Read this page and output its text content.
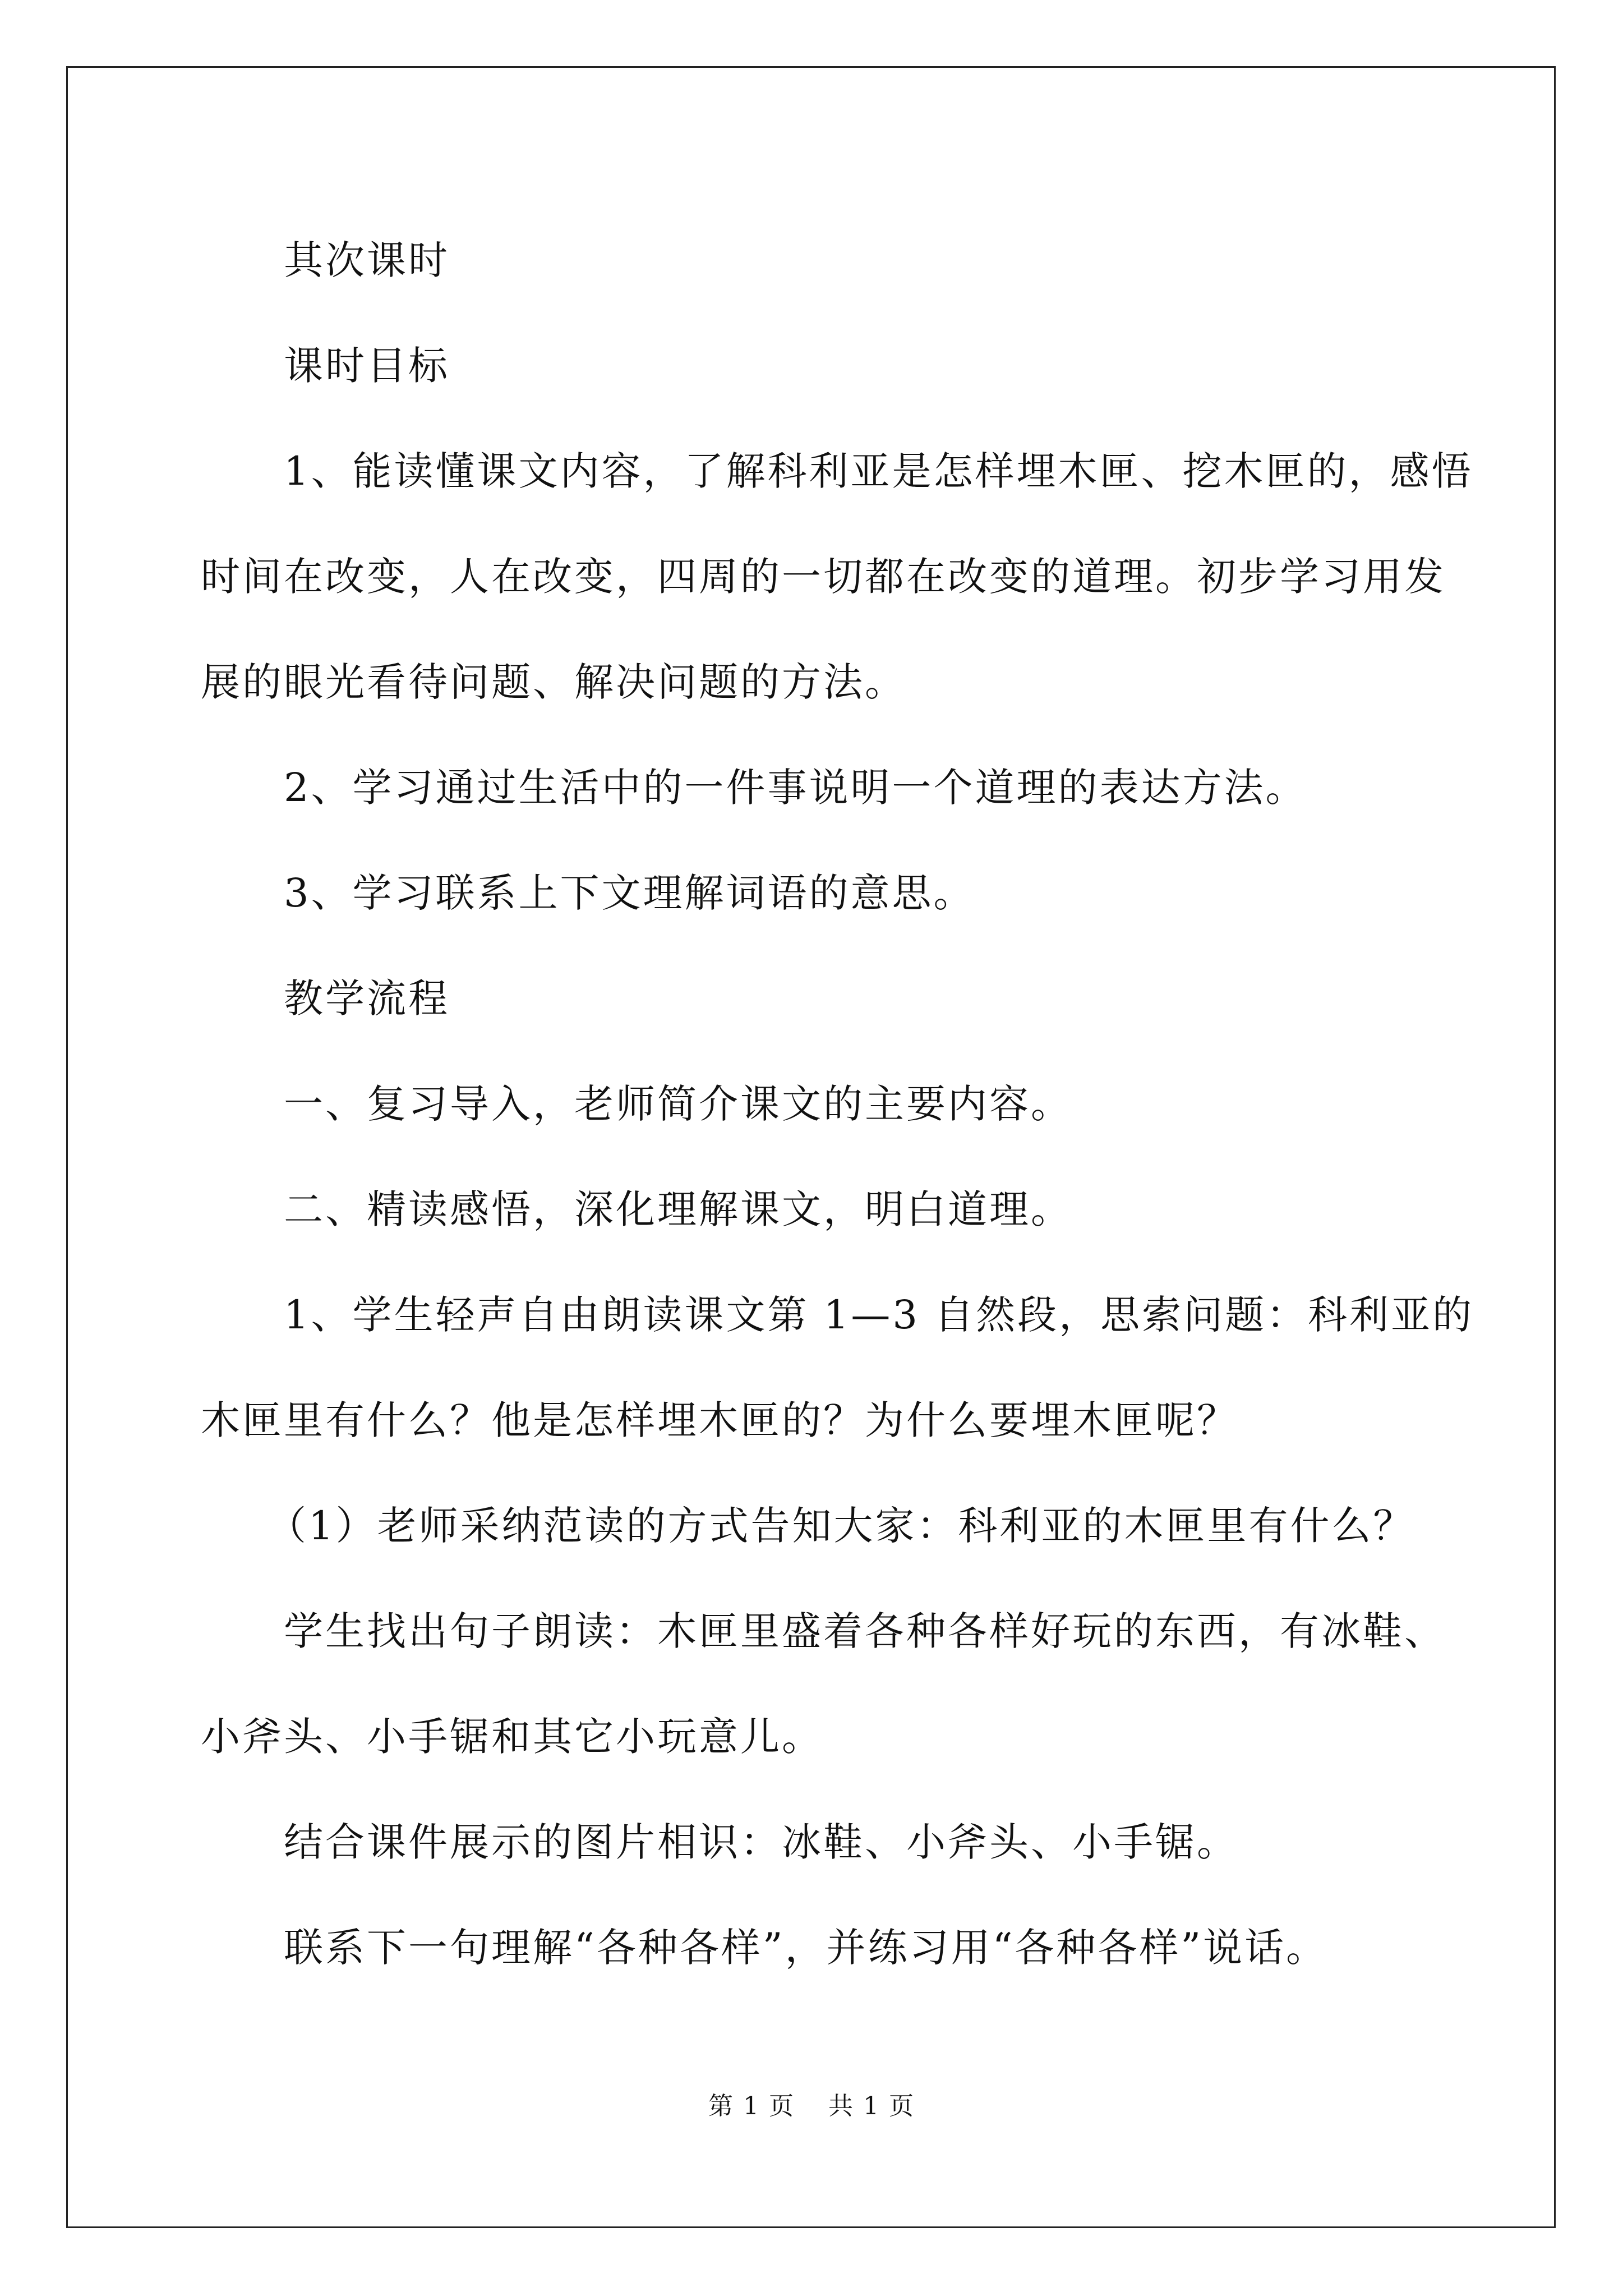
其次课时

课时目标

1、能读懂课文内容，了解科利亚是怎样埋木匣、挖木匣的，感悟

时间在改变，人在改变，四周的一切都在改变的道理。初步学习用发

展的眼光看待问题、解决问题的方法。

2、学习通过生活中的一件事说明一个道理的表达方法。

3、学习联系上下文理解词语的意思。

教学流程

一、复习导入，老师简介课文的主要内容。

二、精读感悟，深化理解课文，明白道理。

1、学生轻声自由朗读课文第 1—3 自然段，思索问题：科利亚的

木匣里有什么？他是怎样埋木匣的？为什么要埋木匣呢？

（1）老师采纳范读的方式告知大家：科利亚的木匣里有什么？

学生找出句子朗读：木匣里盛着各种各样好玩的东西，有冰鞋、

小斧头、小手锯和其它小玩意儿。

结合课件展示的图片相识：冰鞋、小斧头、小手锯。

联系下一句理解“各种各样”，并练习用“各种各样”说话。

第 1 页 共 1 页
